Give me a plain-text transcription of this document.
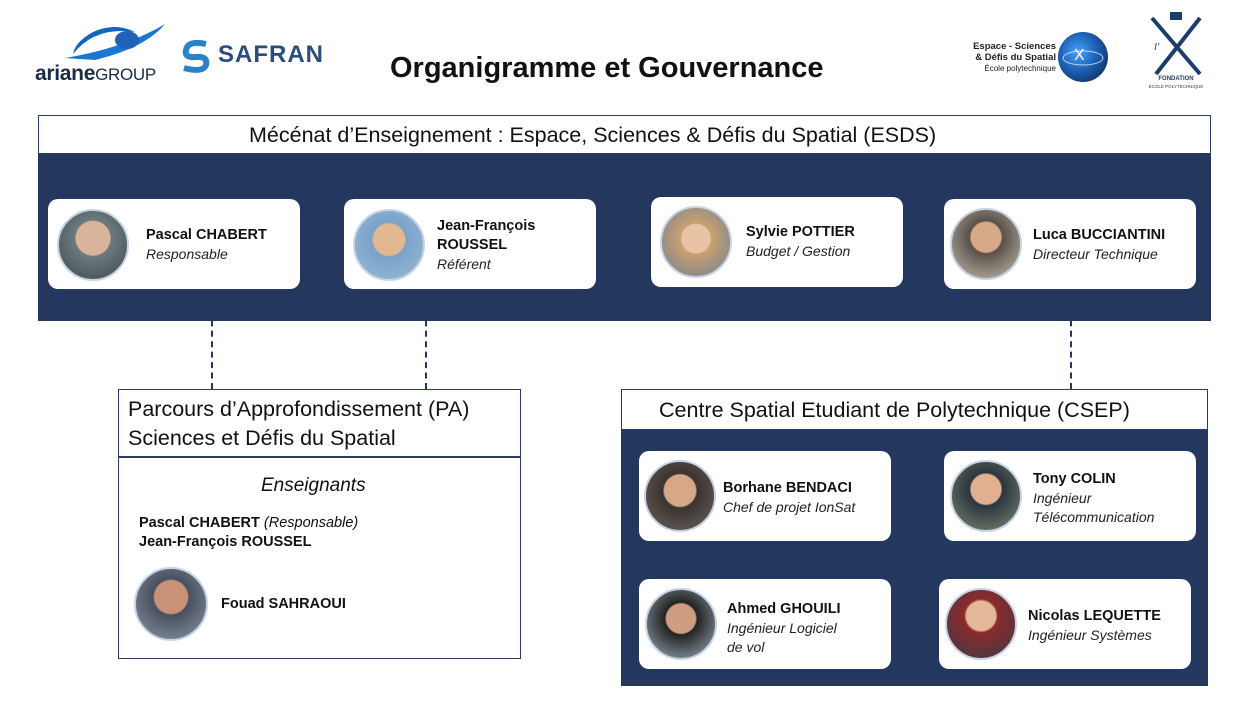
arianeGROUP
SAFRAN Organigramme et Gouvernance
Espace - Sciences
& Défis du Spatial
École polytechnique
X	l'
FONDATION
ÉCOLE POLYTECHNIQUE
Mécénat d’Enseignement : Espace, Sciences & Défis du Spatial (ESDS)
Pascal CHABERT
Responsable
Jean-François
ROUSSEL
Référent
Sylvie POTTIER
Budget / Gestion
Luca BUCCIANTINI
Directeur Technique
Parcours d’Approfondissement (PA)
Sciences et Défis du Spatial
Enseignants
Pascal CHABERT (Responsable)
Jean-François ROUSSEL
Fouad SAHRAOUI
Centre Spatial Etudiant de Polytechnique (CSEP)
Borhane BENDACI
Chef de projet IonSat
Tony COLIN
Ingénieur
Télécommunication
Ahmed GHOUILI
Ingénieur Logiciel
de vol
Nicolas LEQUETTE
Ingénieur Systèmes
